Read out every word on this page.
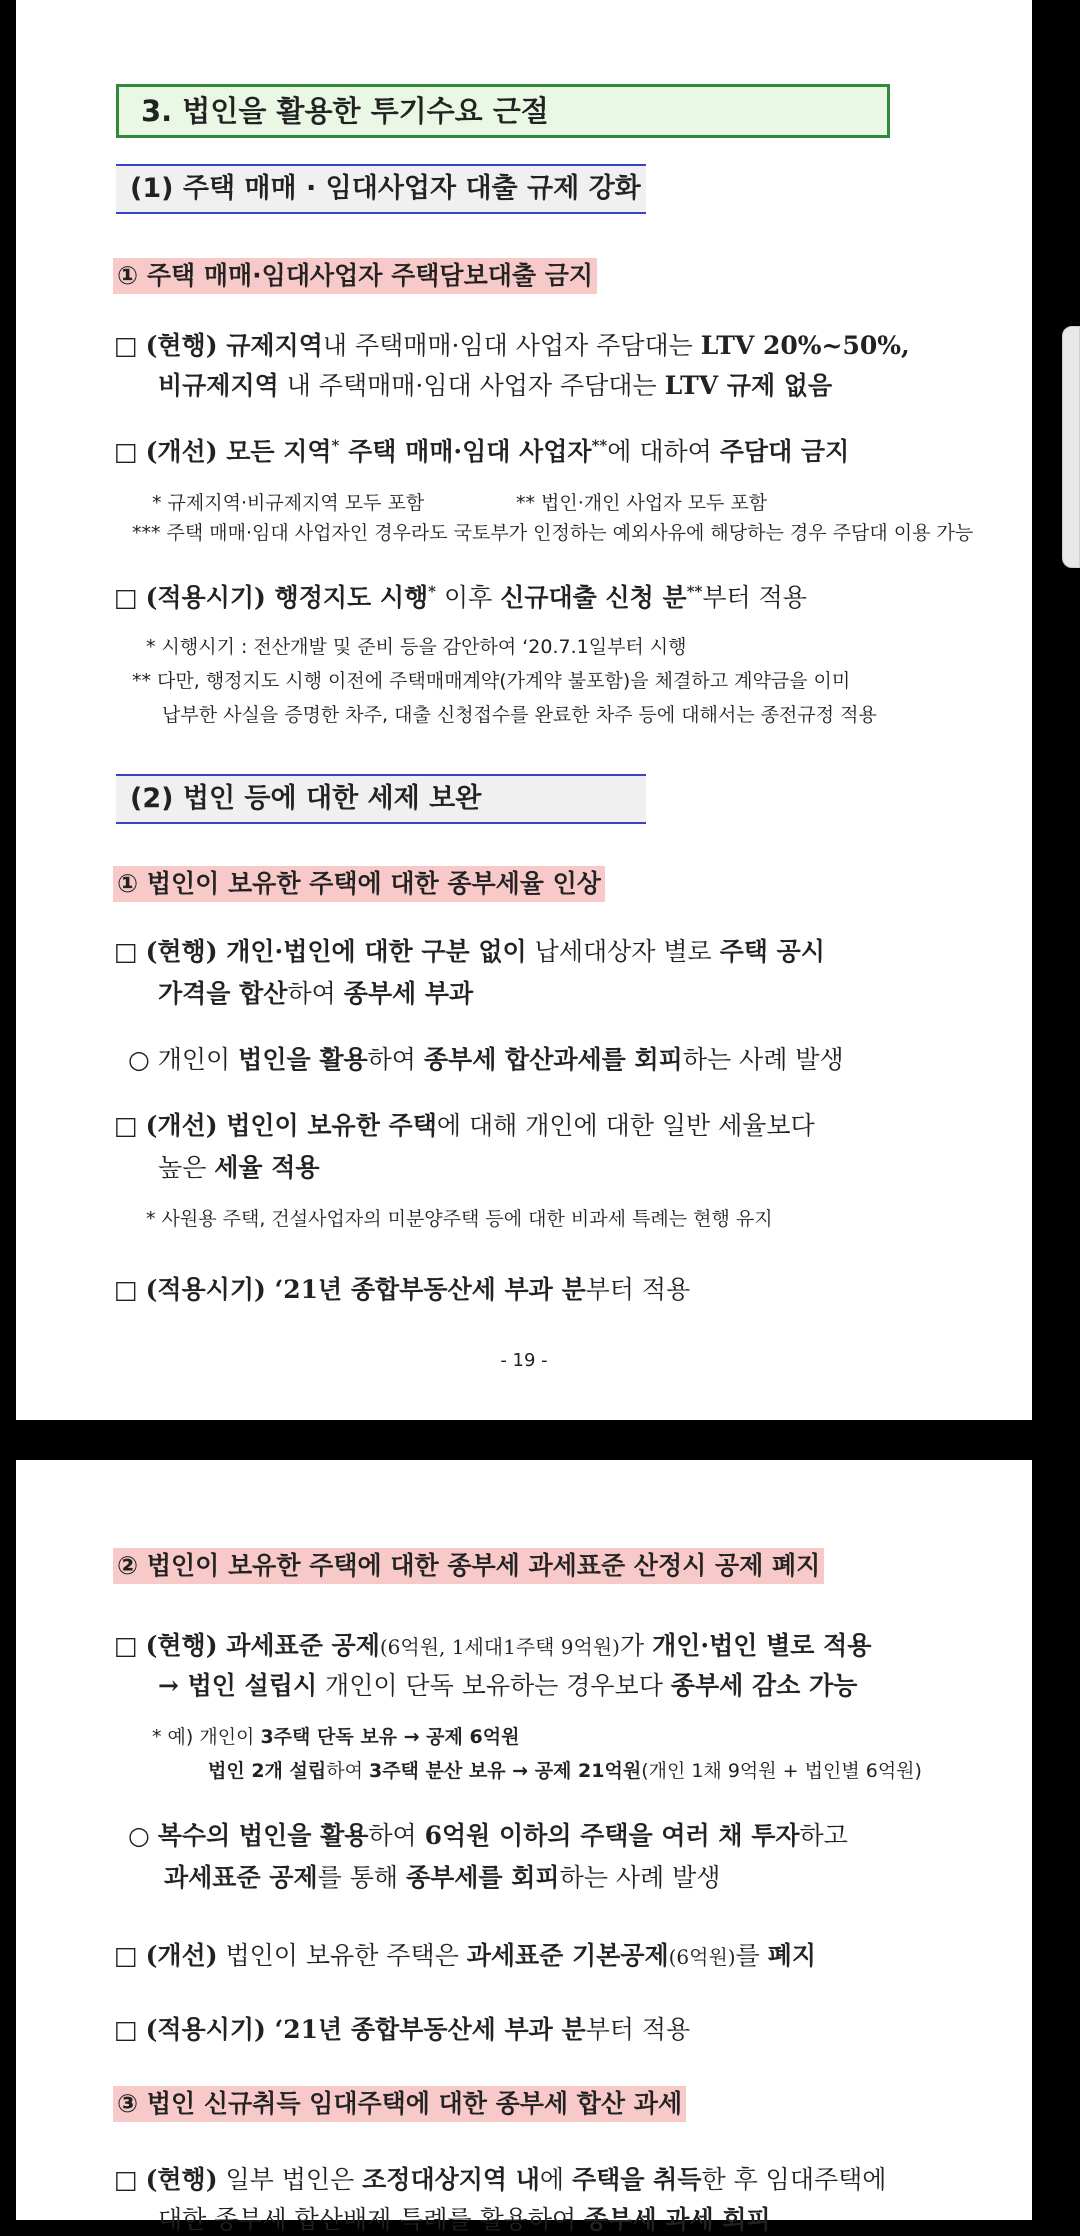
3. 법인을 활용한 투기수요 근절
(1) 주택 매매 · 임대사업자 대출 규제 강화
① 주택 매매·임대사업자 주택담보대출 금지
□ (현행) 규제지역내 주택매매·임대 사업자 주담대는 LTV 20%~50%,
비규제지역 내 주택매매·임대 사업자 주담대는 LTV 규제 없음
□ (개선) 모든 지역* 주택 매매·임대 사업자**에 대하여 주담대 금지
* 규제지역·비규제지역 모두 포함	** 법인·개인 사업자 모두 포함
*** 주택 매매·임대 사업자인 경우라도 국토부가 인정하는 예외사유에 해당하는 경우 주담대 이용 가능
□ (적용시기) 행정지도 시행* 이후 신규대출 신청 분**부터 적용
* 시행시기 : 전산개발 및 준비 등을 감안하여 ‘20.7.1일부터 시행
** 다만, 행정지도 시행 이전에 주택매매계약(가계약 불포함)을 체결하고 계약금을 이미
납부한 사실을 증명한 차주, 대출 신청접수를 완료한 차주 등에 대해서는 종전규정 적용
(2) 법인 등에 대한 세제 보완
① 법인이 보유한 주택에 대한 종부세율 인상
□ (현행) 개인·법인에 대한 구분 없이 납세대상자 별로 주택 공시
가격을 합산하여 종부세 부과
○ 개인이 법인을 활용하여 종부세 합산과세를 회피하는 사례 발생
□ (개선) 법인이 보유한 주택에 대해 개인에 대한 일반 세율보다
높은 세율 적용
* 사원용 주택, 건설사업자의 미분양주택 등에 대한 비과세 특례는 현행 유지
□ (적용시기) ‘21년 종합부동산세 부과 분부터 적용
- 19 -
② 법인이 보유한 주택에 대한 종부세 과세표준 산정시 공제 폐지
□ (현행) 과세표준 공제(6억원, 1세대1주택 9억원)가 개인·법인 별로 적용
→ 법인 설립시 개인이 단독 보유하는 경우보다 종부세 감소 가능
* 예) 개인이 3주택 단독 보유 → 공제 6억원
법인 2개 설립하여 3주택 분산 보유 → 공제 21억원(개인 1채 9억원 + 법인별 6억원)
○ 복수의 법인을 활용하여 6억원 이하의 주택을 여러 채 투자하고
과세표준 공제를 통해 종부세를 회피하는 사례 발생
□ (개선) 법인이 보유한 주택은 과세표준 기본공제(6억원)를 폐지
□ (적용시기) ‘21년 종합부동산세 부과 분부터 적용
③ 법인 신규취득 임대주택에 대한 종부세 합산 과세
□ (현행) 일부 법인은 조정대상지역 내에 주택을 취득한 후 임대주택에
대한 종부세 합산배제 특례를 활용하여 종부세 과세 회피
